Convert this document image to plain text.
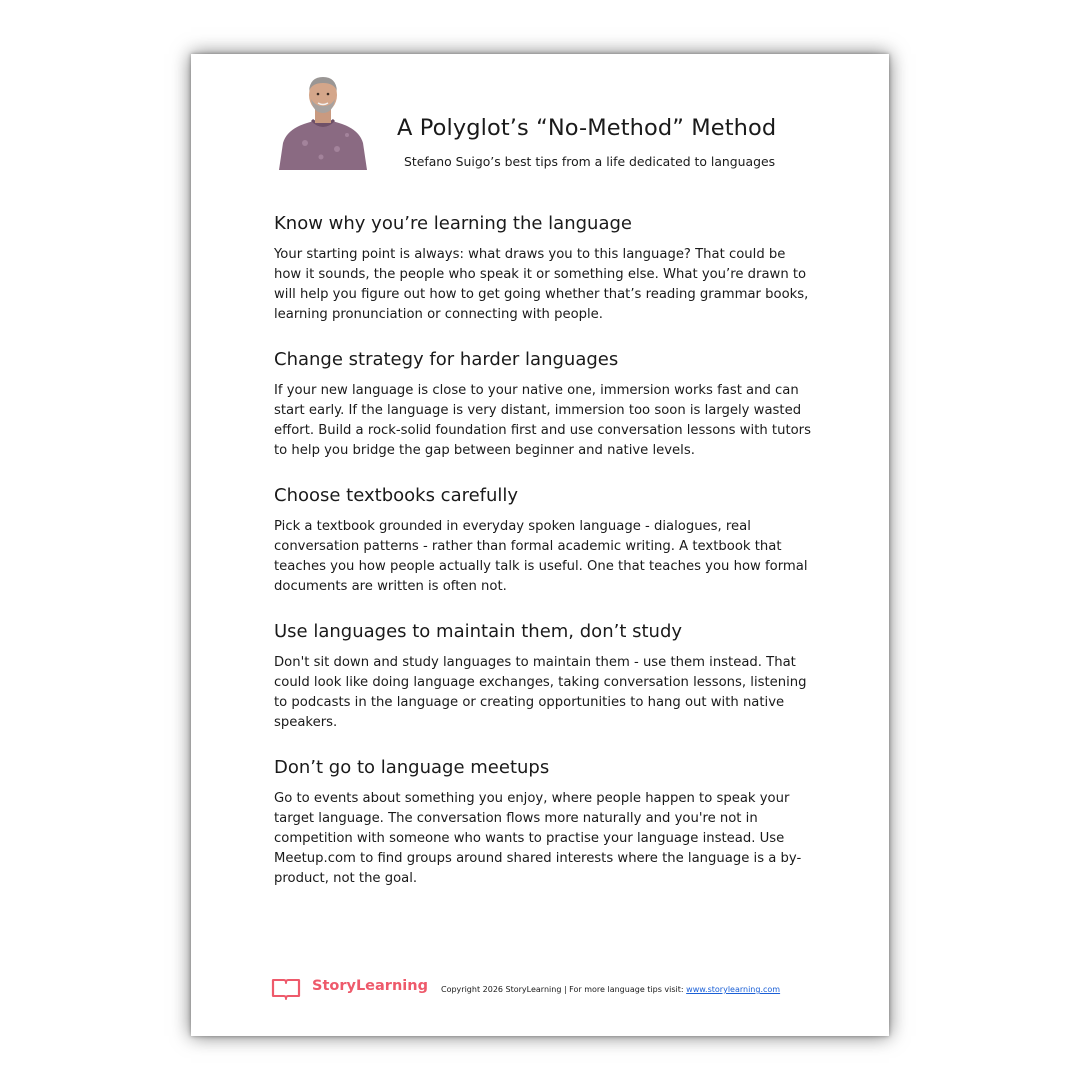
A Polyglot’s “No-Method” Method
Stefano Suigo’s best tips from a life dedicated to languages
Know why you’re learning the language

Your starting point is always: what draws you to this language? That could be how it sounds, the people who speak it or something else. What you’re drawn to will help you figure out how to get going whether that’s reading grammar books, learning pronunciation or connecting with people.

Change strategy for harder languages

If your new language is close to your native one, immersion works fast and can start early. If the language is very distant, immersion too soon is largely wasted effort. Build a rock-solid foundation first and use conversation lessons with tutors to help you bridge the gap between beginner and native levels.

Choose textbooks carefully

Pick a textbook grounded in everyday spoken language - dialogues, real conversation patterns - rather than formal academic writing. A textbook that teaches you how people actually talk is useful. One that teaches you how formal documents are written is often not.

Use languages to maintain them, don’t study

Don't sit down and study languages to maintain them - use them instead. That could look like doing language exchanges, taking conversation lessons, listening to podcasts in the language or creating opportunities to hang out with native speakers.

Don’t go to language meetups

Go to events about something you enjoy, where people happen to speak your target language. The conversation flows more naturally and you're not in competition with someone who wants to practise your language instead. Use Meetup.com to find groups around shared interests where the language is a by-product, not the goal.

StoryLearning Copyright 2026 StoryLearning | For more language tips visit: www.storylearning.com
